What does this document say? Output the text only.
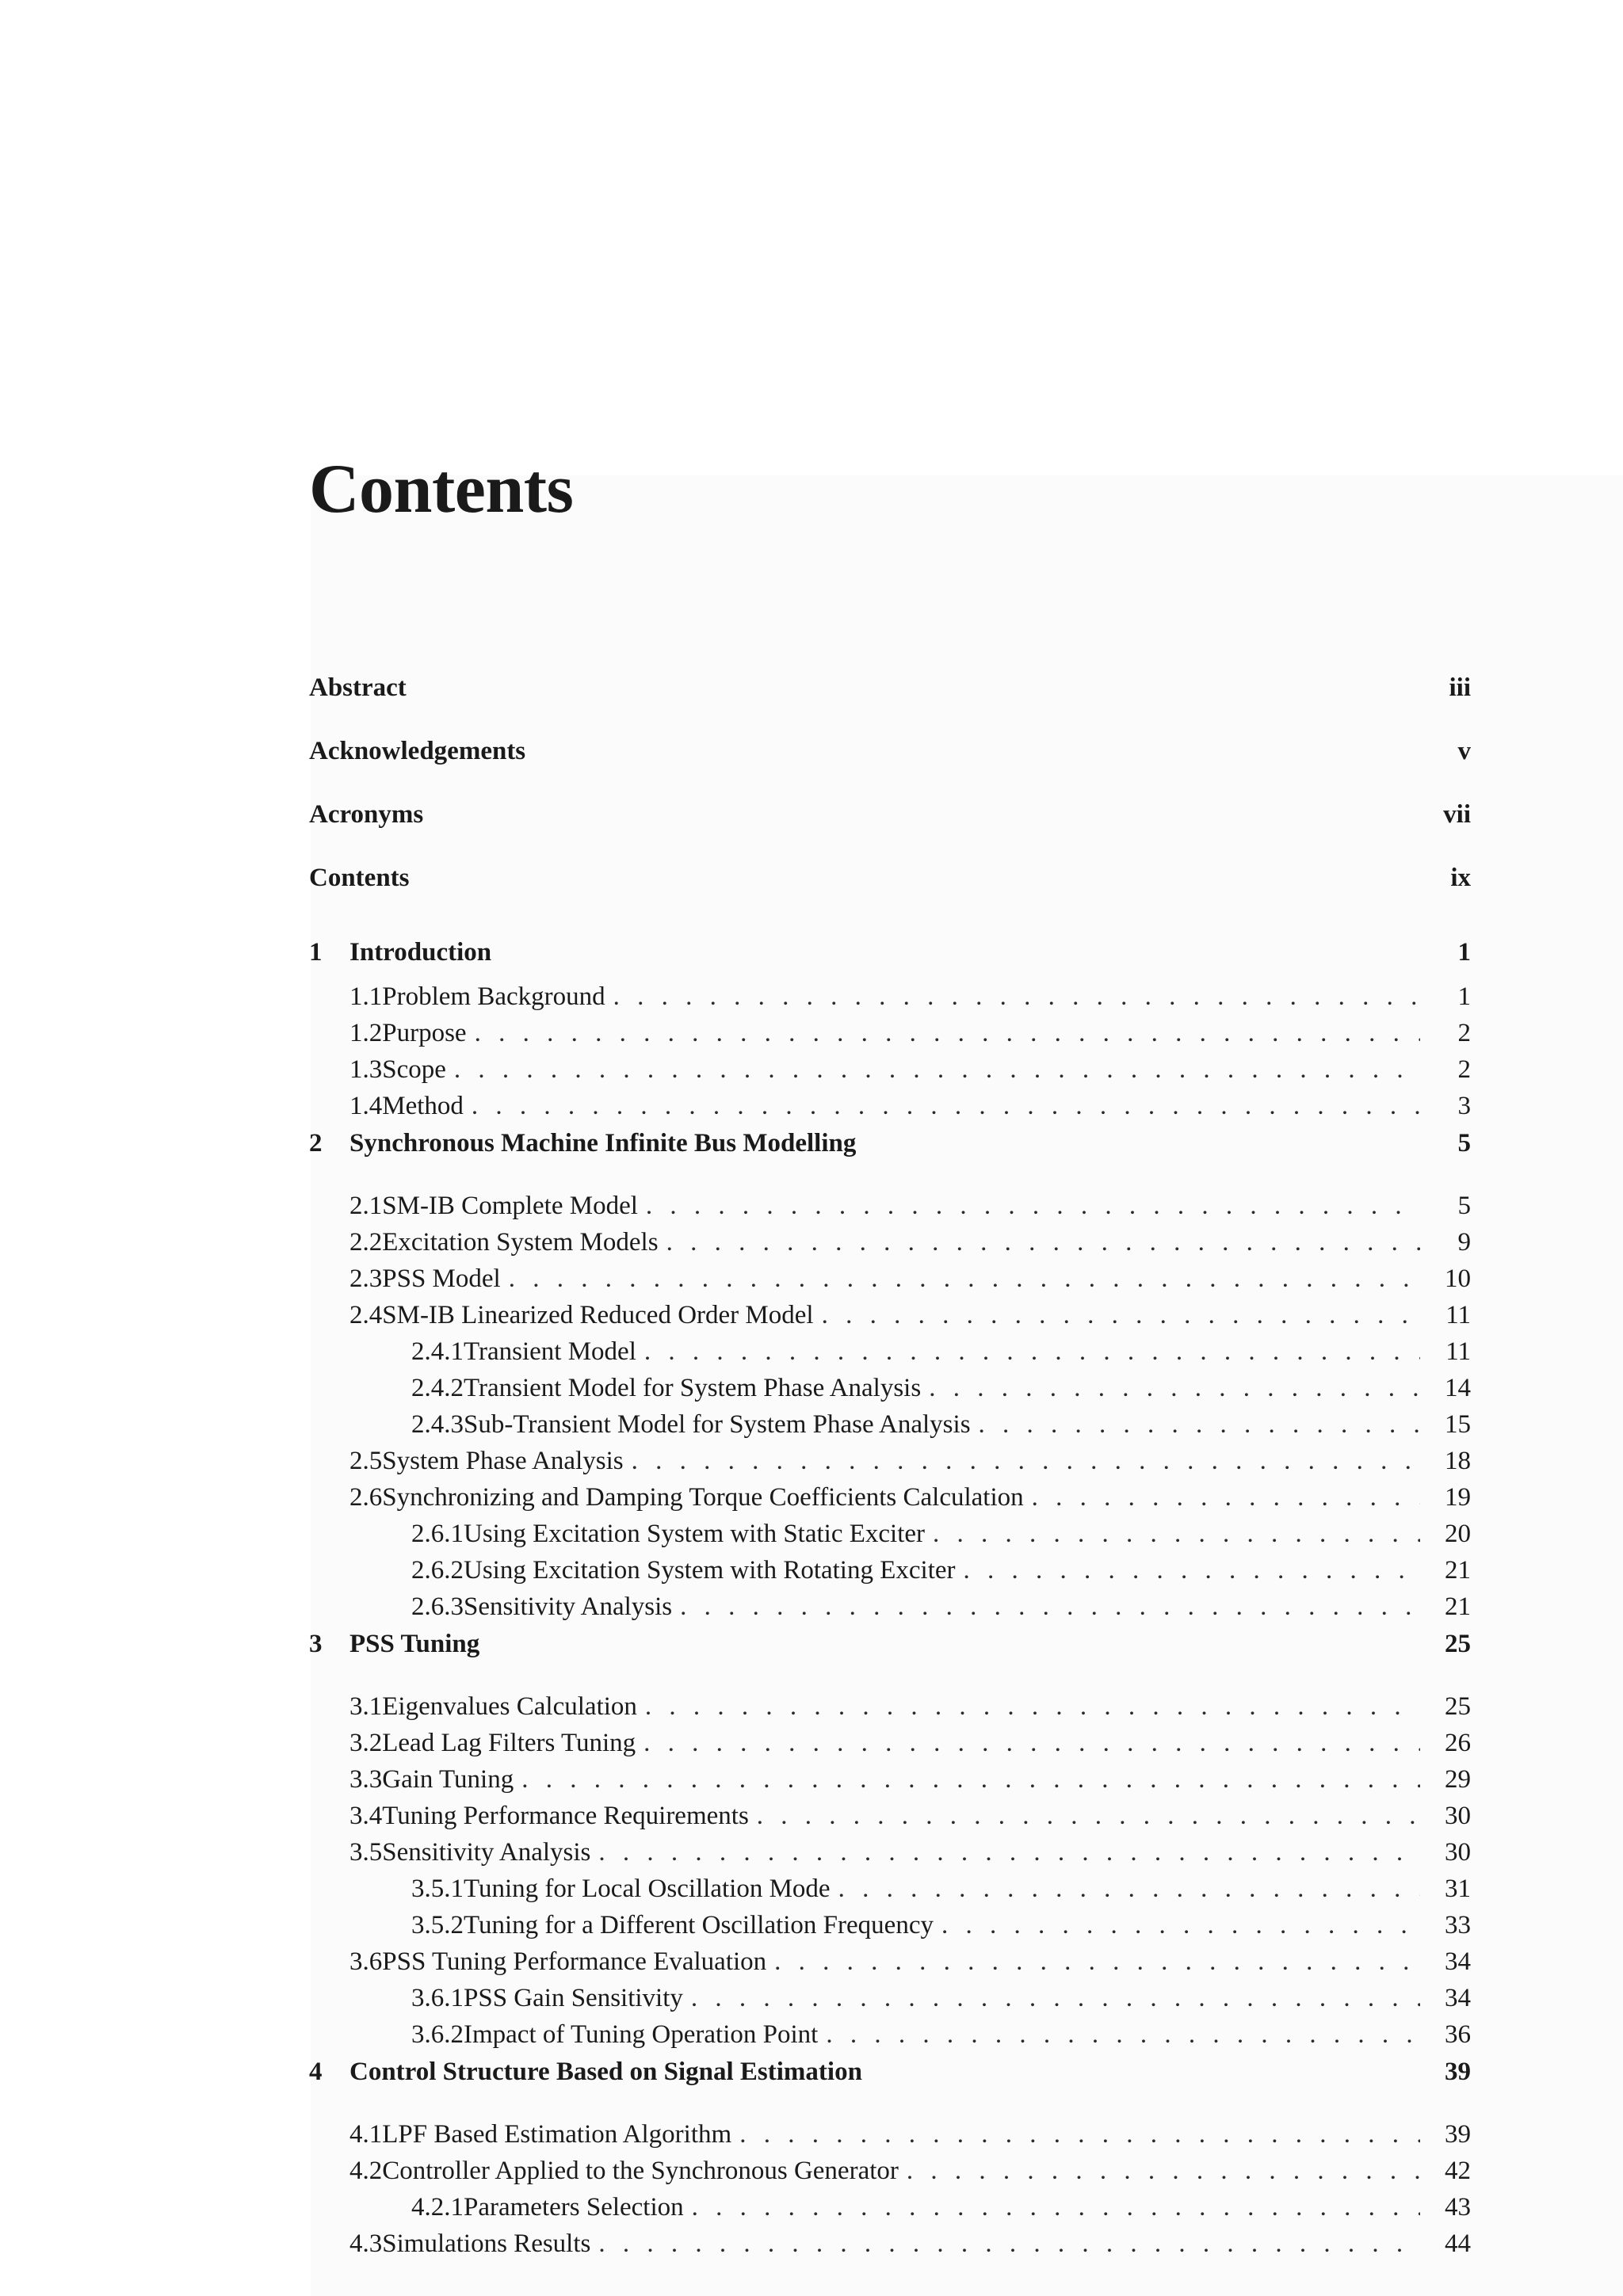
Contents
Abstract	iii
Acknowledgements	v
Acronyms	vii
Contents	ix
1	Introduction	1
1.1 Problem Background . . .	1
1.2 Purpose . . .	2
1.3 Scope . . .	2
1.4 Method . . .	3
2	Synchronous Machine Infinite Bus Modelling	5
2.1 SM-IB Complete Model . . .	5
2.2 Excitation System Models . . .	9
2.3 PSS Model . . .	10
2.4 SM-IB Linearized Reduced Order Model . . .	11
2.4.1 Transient Model . . .	11
2.4.2 Transient Model for System Phase Analysis . . .	14
2.4.3 Sub-Transient Model for System Phase Analysis . . .	15
2.5 System Phase Analysis . . .	18
2.6 Synchronizing and Damping Torque Coefficients Calculation . . .	19
2.6.1 Using Excitation System with Static Exciter . . .	20
2.6.2 Using Excitation System with Rotating Exciter . . .	21
2.6.3 Sensitivity Analysis . . .	21
3	PSS Tuning	25
3.1 Eigenvalues Calculation . . .	25
3.2 Lead Lag Filters Tuning . . .	26
3.3 Gain Tuning . . .	29
3.4 Tuning Performance Requirements . . .	30
3.5 Sensitivity Analysis . . .	30
3.5.1 Tuning for Local Oscillation Mode . . .	31
3.5.2 Tuning for a Different Oscillation Frequency . . .	33
3.6 PSS Tuning Performance Evaluation . . .	34
3.6.1 PSS Gain Sensitivity . . .	34
3.6.2 Impact of Tuning Operation Point . . .	36
4	Control Structure Based on Signal Estimation	39
4.1 LPF Based Estimation Algorithm . . .	39
4.2 Controller Applied to the Synchronous Generator . . .	42
4.2.1 Parameters Selection . . .	43
4.3 Simulations Results . . .	44
